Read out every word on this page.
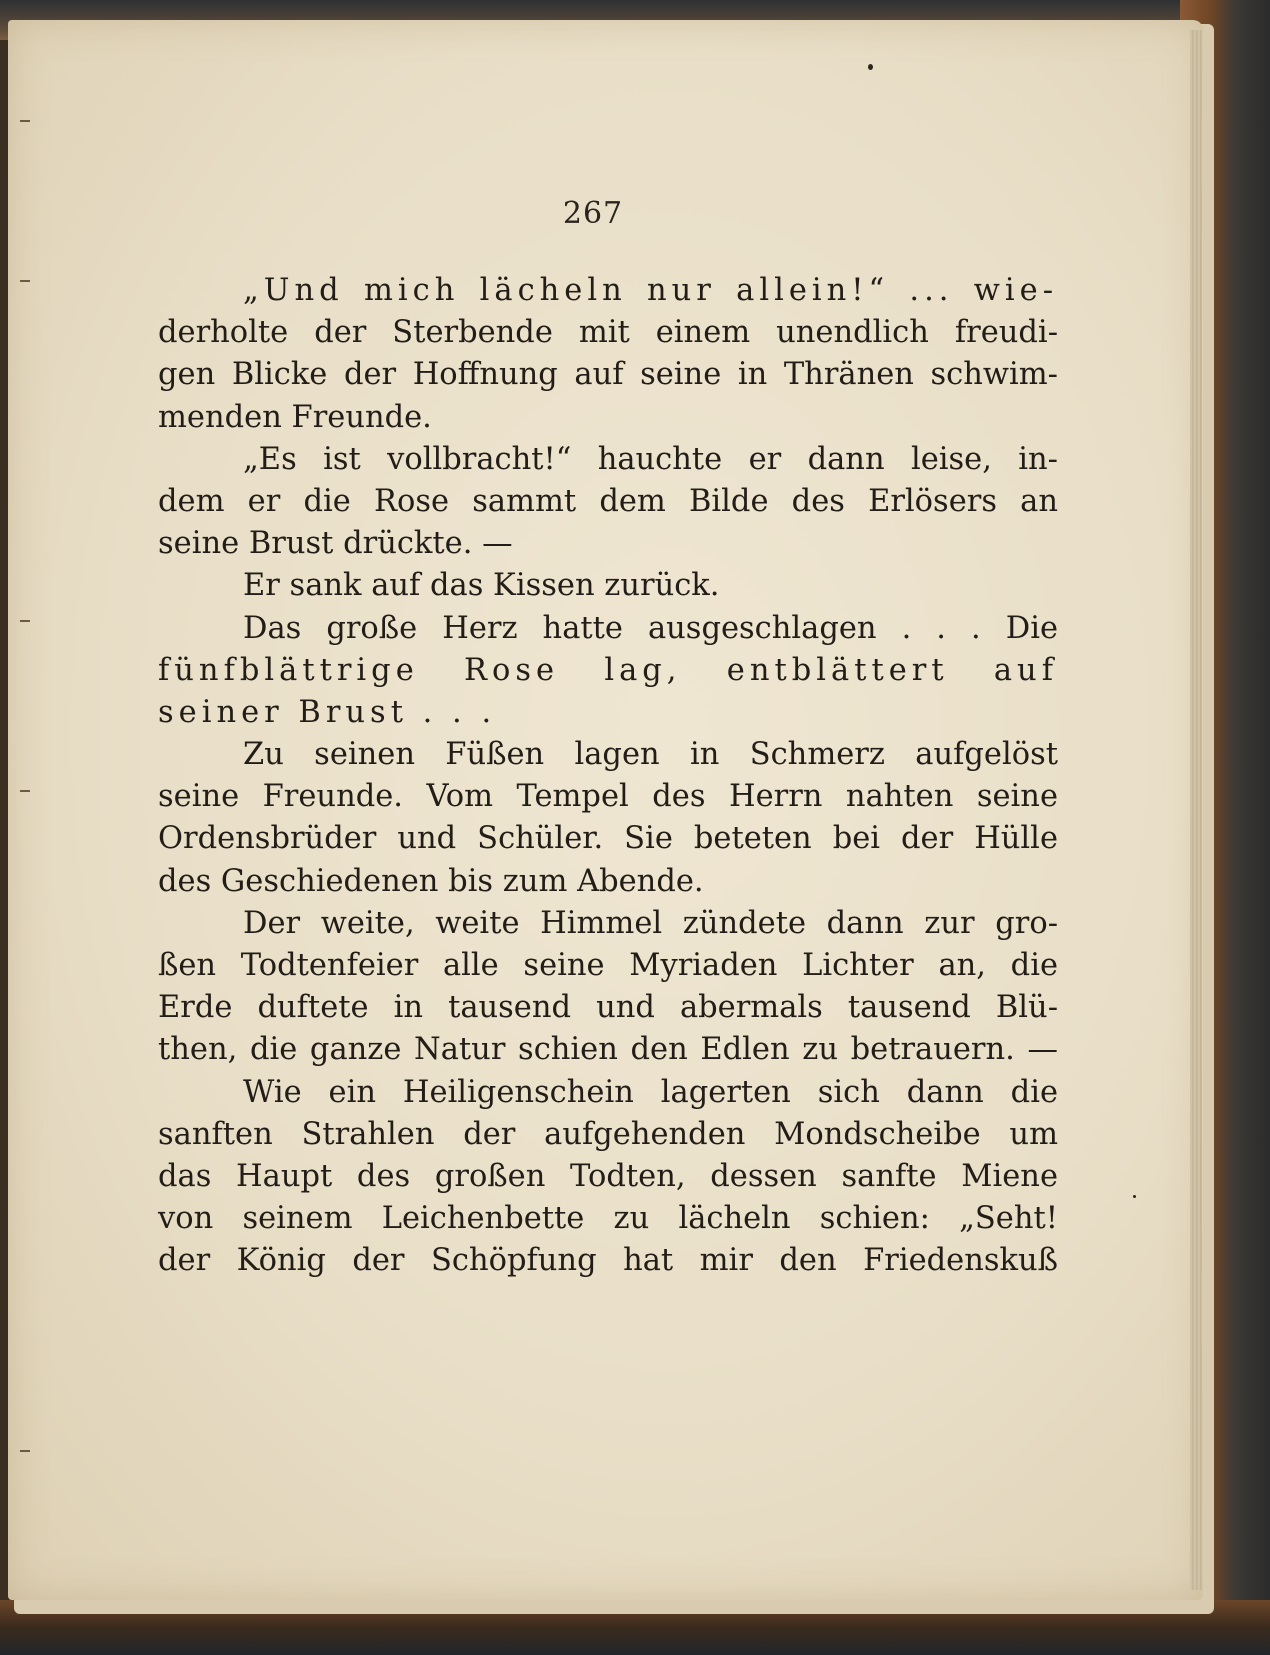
267
„Und mich lächeln nur allein!“ ... wie-
derholte der Sterbende mit einem unendlich freudi-
gen Blicke der Hoffnung auf seine in Thränen schwim-
menden Freunde.
„Es ist vollbracht!“ hauchte er dann leise, in-
dem er die Rose sammt dem Bilde des Erlösers an
seine Brust drückte. —
Er sank auf das Kissen zurück.
Das große Herz hatte ausgeschlagen . . . Die
fünfblättrige Rose lag, entblättert auf
seiner Brust . . .
Zu seinen Füßen lagen in Schmerz aufgelöst
seine Freunde. Vom Tempel des Herrn nahten seine
Ordensbrüder und Schüler. Sie beteten bei der Hülle
des Geschiedenen bis zum Abende.
Der weite, weite Himmel zündete dann zur gro-
ßen Todtenfeier alle seine Myriaden Lichter an, die
Erde duftete in tausend und abermals tausend Blü-
then, die ganze Natur schien den Edlen zu betrauern. —
Wie ein Heiligenschein lagerten sich dann die
sanften Strahlen der aufgehenden Mondscheibe um
das Haupt des großen Todten, dessen sanfte Miene
von seinem Leichenbette zu lächeln schien: „Seht!
der König der Schöpfung hat mir den Friedenskuß
